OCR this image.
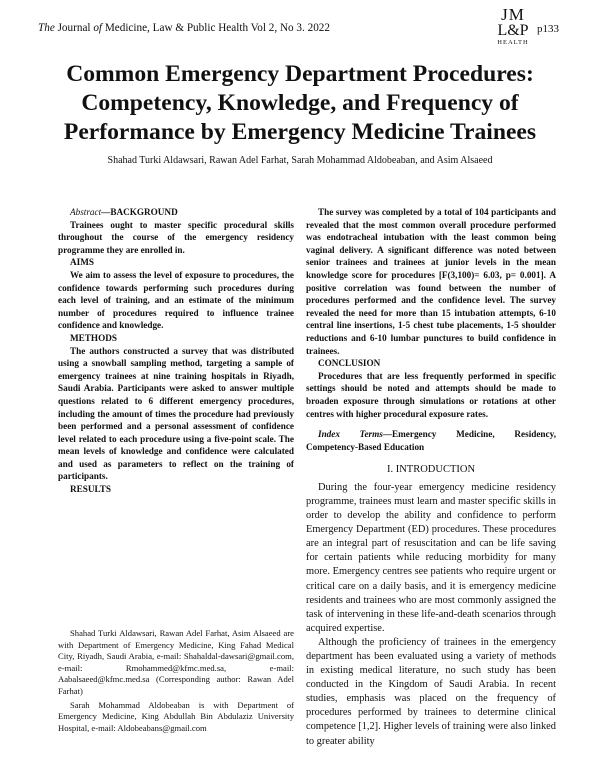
The Journal of Medicine, Law & Public Health Vol 2, No 3. 2022
JM
L&P
HEALTH
p133
Common Emergency Department Procedures: Competency, Knowledge, and Frequency of Performance by Emergency Medicine Trainees
Shahad Turki Aldawsari, Rawan Adel Farhat, Sarah Mohammad Aldobeaban, and Asim Alsaeed

Abstract—BACKGROUND

Trainees ought to master specific procedural skills throughout the course of the emergency residency programme they are enrolled in.

AIMS

We aim to assess the level of exposure to procedures, the confidence towards performing such procedures during each level of training, and an estimate of the minimum number of procedures required to influence trainee confidence and knowledge.

METHODS

The authors constructed a survey that was distributed using a snowball sampling method, targeting a sample of emergency trainees at nine training hospitals in Riyadh, Saudi Arabia. Participants were asked to answer multiple questions related to 6 different emergency procedures, including the amount of times the procedure had previously been performed and a personal assessment of confidence level related to each procedure using a five-point scale. The mean levels of knowledge and confidence were calculated and used as parameters to reflect on the training of participants.

RESULTS

Shahad Turki Aldawsari, Rawan Adel Farhat, Asim Alsaeed are with Department of Emergency Medicine, King Fahad Medical City, Riyadh, Saudi Arabia, e-mail: Shahaldal-dawsari@gmail.com, e-mail: Rmohammed@kfmc.med.sa, e-mail: Aabalsaeed@kfmc.med.sa (Corresponding author: Rawan Adel Farhat)

Sarah Mohammad Aldobeaban is with Department of Emergency Medicine, King Abdullah Bin Abdulaziz University Hospital, e-mail: Aldobeabans@gmail.com

The survey was completed by a total of 104 participants and revealed that the most common overall procedure performed was endotracheal intubation with the least common being vaginal delivery. A significant difference was noted between senior trainees and trainees at junior levels in the mean knowledge score for procedures [F(3,100)= 6.03, p= 0.001]. A positive correlation was found between the number of procedures performed and the confidence level. The survey revealed the need for more than 15 intubation attempts, 6-10 central line insertions, 1-5 chest tube placements, 1-5 shoulder reductions and 6-10 lumbar punctures to build confidence in trainees.

CONCLUSION

Procedures that are less frequently performed in specific settings should be noted and attempts should be made to broaden exposure through simulations or rotations at other centres with higher procedural exposure rates.

Index Terms—Emergency Medicine, Residency, Competency-Based Education

I. INTRODUCTION

During the four-year emergency medicine residency programme, trainees must learn and master specific skills in order to develop the ability and confidence to perform Emergency Department (ED) procedures. These procedures are an integral part of resuscitation and can be life saving for certain patients while reducing morbidity for many more. Emergency centres see patients who require urgent or critical care on a daily basis, and it is emergency medicine residents and trainees who are most commonly assigned the task of intervening in these life-and-death scenarios through acquired expertise.

Although the proficiency of trainees in the emergency department has been evaluated using a variety of methods in existing medical literature, no such study has been conducted in the Kingdom of Saudi Arabia. In recent studies, emphasis was placed on the frequency of procedures performed by trainees to determine clinical competence [1,2]. Higher levels of training were also linked to greater ability
